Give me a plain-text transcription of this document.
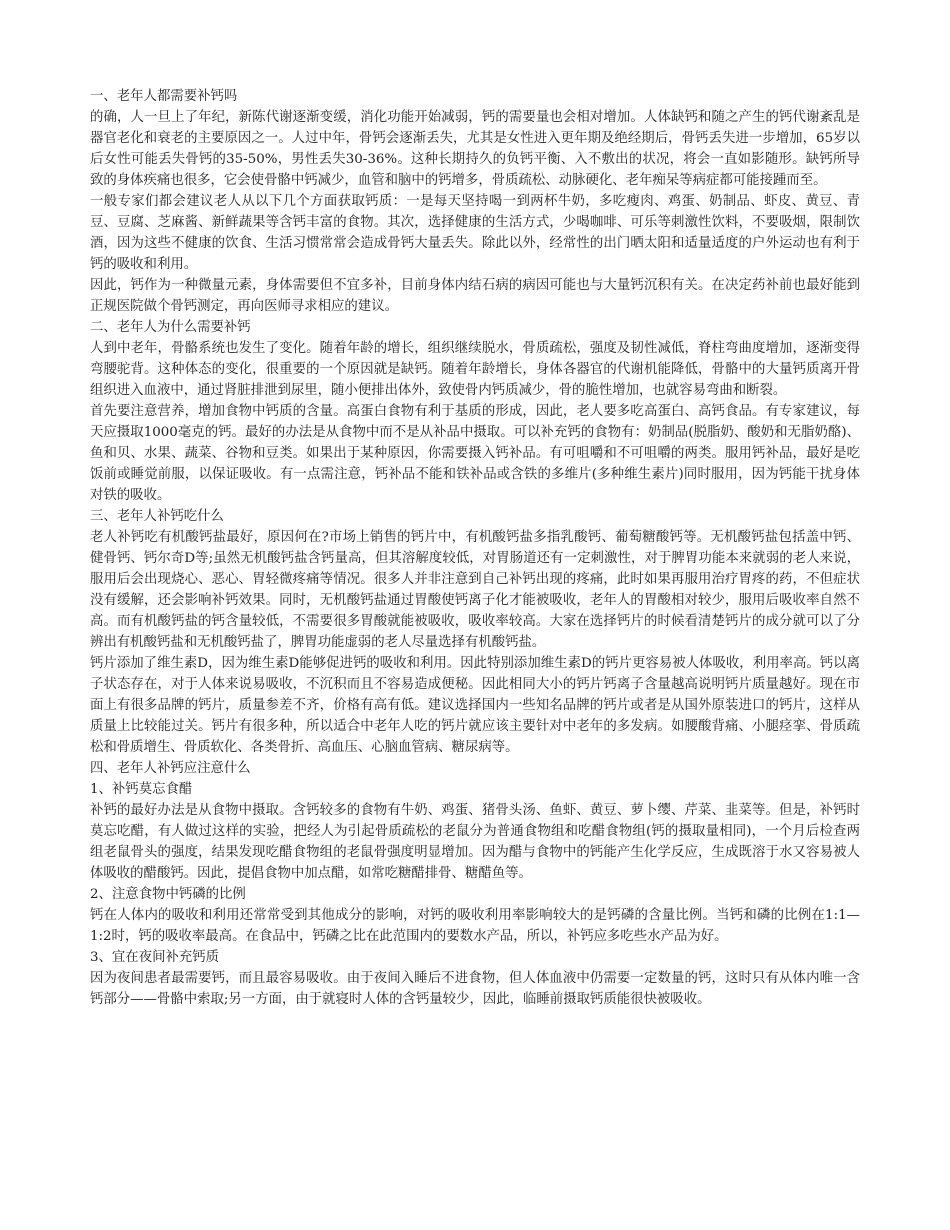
一、老年人都需要补钙吗

的确，人一旦上了年纪，新陈代谢逐渐变缓，消化功能开始减弱，钙的需要量也会相对增加。人体缺钙和随之产生的钙代谢紊乱是器官老化和衰老的主要原因之一。人过中年，骨钙会逐渐丢失，尤其是女性进入更年期及绝经期后，骨钙丢失进一步增加，65岁以后女性可能丢失骨钙的35-50%，男性丢失30-36%。这种长期持久的负钙平衡、入不敷出的状况，将会一直如影随形。缺钙所导致的身体疾痛也很多，它会使骨骼中钙减少，血管和脑中的钙增多，骨质疏松、动脉硬化、老年痴呆等病症都可能接踵而至。

一般专家们都会建议老人从以下几个方面获取钙质：一是每天坚持喝一到两杯牛奶，多吃瘦肉、鸡蛋、奶制品、虾皮、黄豆、青豆、豆腐、芝麻酱、新鲜蔬果等含钙丰富的食物。其次，选择健康的生活方式，少喝咖啡、可乐等刺激性饮料，不要吸烟，限制饮酒，因为这些不健康的饮食、生活习惯常常会造成骨钙大量丢失。除此以外，经常性的出门晒太阳和适量适度的户外运动也有利于钙的吸收和利用。

因此，钙作为一种微量元素，身体需要但不宜多补，目前身体内结石病的病因可能也与大量钙沉积有关。在决定药补前也最好能到正规医院做个骨钙测定，再向医师寻求相应的建议。

二、老年人为什么需要补钙

人到中老年，骨骼系统也发生了变化。随着年龄的增长，组织继续脱水，骨质疏松，强度及韧性减低，脊柱弯曲度增加，逐渐变得弯腰驼背。这种体态的变化，很重要的一个原因就是缺钙。随着年龄增长，身体各器官的代谢机能降低，骨骼中的大量钙质离开骨组织进入血液中，通过肾脏排泄到尿里，随小便排出体外，致使骨内钙质减少，骨的脆性增加，也就容易弯曲和断裂。

首先要注意营养，增加食物中钙质的含量。高蛋白食物有利于基质的形成，因此，老人要多吃高蛋白、高钙食品。有专家建议，每天应摄取1000毫克的钙。最好的办法是从食物中而不是从补品中摄取。可以补充钙的食物有：奶制品(脱脂奶、酸奶和无脂奶酪)、鱼和贝、水果、蔬菜、谷物和豆类。如果出于某种原因，你需要摄入钙补品。有可咀嚼和不可咀嚼的两类。服用钙补品，最好是吃饭前或睡觉前服，以保证吸收。有一点需注意，钙补品不能和铁补品或含铁的多维片(多种维生素片)同时服用，因为钙能干扰身体对铁的吸收。

三、老年人补钙吃什么

老人补钙吃有机酸钙盐最好，原因何在?市场上销售的钙片中，有机酸钙盐多指乳酸钙、葡萄糖酸钙等。无机酸钙盐包括盖中钙、健骨钙、钙尔奇D等;虽然无机酸钙盐含钙量高，但其溶解度较低，对胃肠道还有一定刺激性，对于脾胃功能本来就弱的老人来说，服用后会出现烧心、恶心、胃轻微疼痛等情况。很多人并非注意到自己补钙出现的疼痛，此时如果再服用治疗胃疼的药，不但症状没有缓解，还会影响补钙效果。同时，无机酸钙盐通过胃酸使钙离子化才能被吸收，老年人的胃酸相对较少，服用后吸收率自然不高。而有机酸钙盐的钙含量较低，不需要很多胃酸就能被吸收，吸收率较高。大家在选择钙片的时候看清楚钙片的成分就可以了分辨出有机酸钙盐和无机酸钙盐了，脾胃功能虚弱的老人尽量选择有机酸钙盐。

钙片添加了维生素D，因为维生素D能够促进钙的吸收和利用。因此特别添加维生素D的钙片更容易被人体吸收，利用率高。钙以离子状态存在，对于人体来说易吸收，不沉积而且不容易造成便秘。因此相同大小的钙片钙离子含量越高说明钙片质量越好。现在市面上有很多品牌的钙片，质量参差不齐，价格有高有低。建议选择国内一些知名品牌的钙片或者是从国外原装进口的钙片，这样从质量上比较能过关。钙片有很多种，所以适合中老年人吃的钙片就应该主要针对中老年的多发病。如腰酸背痛、小腿痉挛、骨质疏松和骨质增生、骨质软化、各类骨折、高血压、心脑血管病、糖尿病等。

四、老年人补钙应注意什么

1、补钙莫忘食醋

补钙的最好办法是从食物中摄取。含钙较多的食物有牛奶、鸡蛋、猪骨头汤、鱼虾、黄豆、萝卜缨、芹菜、韭菜等。但是，补钙时莫忘吃醋，有人做过这样的实验，把经人为引起骨质疏松的老鼠分为普通食物组和吃醋食物组(钙的摄取量相同)，一个月后检查两组老鼠骨头的强度，结果发现吃醋食物组的老鼠骨强度明显增加。因为醋与食物中的钙能产生化学反应，生成既溶于水又容易被人体吸收的醋酸钙。因此，提倡食物中加点醋，如常吃糖醋排骨、糖醋鱼等。

2、注意食物中钙磷的比例

钙在人体内的吸收和利用还常常受到其他成分的影响，对钙的吸收利用率影响较大的是钙磷的含量比例。当钙和磷的比例在1:1—1:2时，钙的吸收率最高。在食品中，钙磷之比在此范围内的要数水产品，所以，补钙应多吃些水产品为好。

3、宜在夜间补充钙质

因为夜间患者最需要钙，而且最容易吸收。由于夜间入睡后不进食物，但人体血液中仍需要一定数量的钙，这时只有从体内唯一含钙部分——骨骼中索取;另一方面，由于就寝时人体的含钙量较少，因此，临睡前摄取钙质能很快被吸收。
